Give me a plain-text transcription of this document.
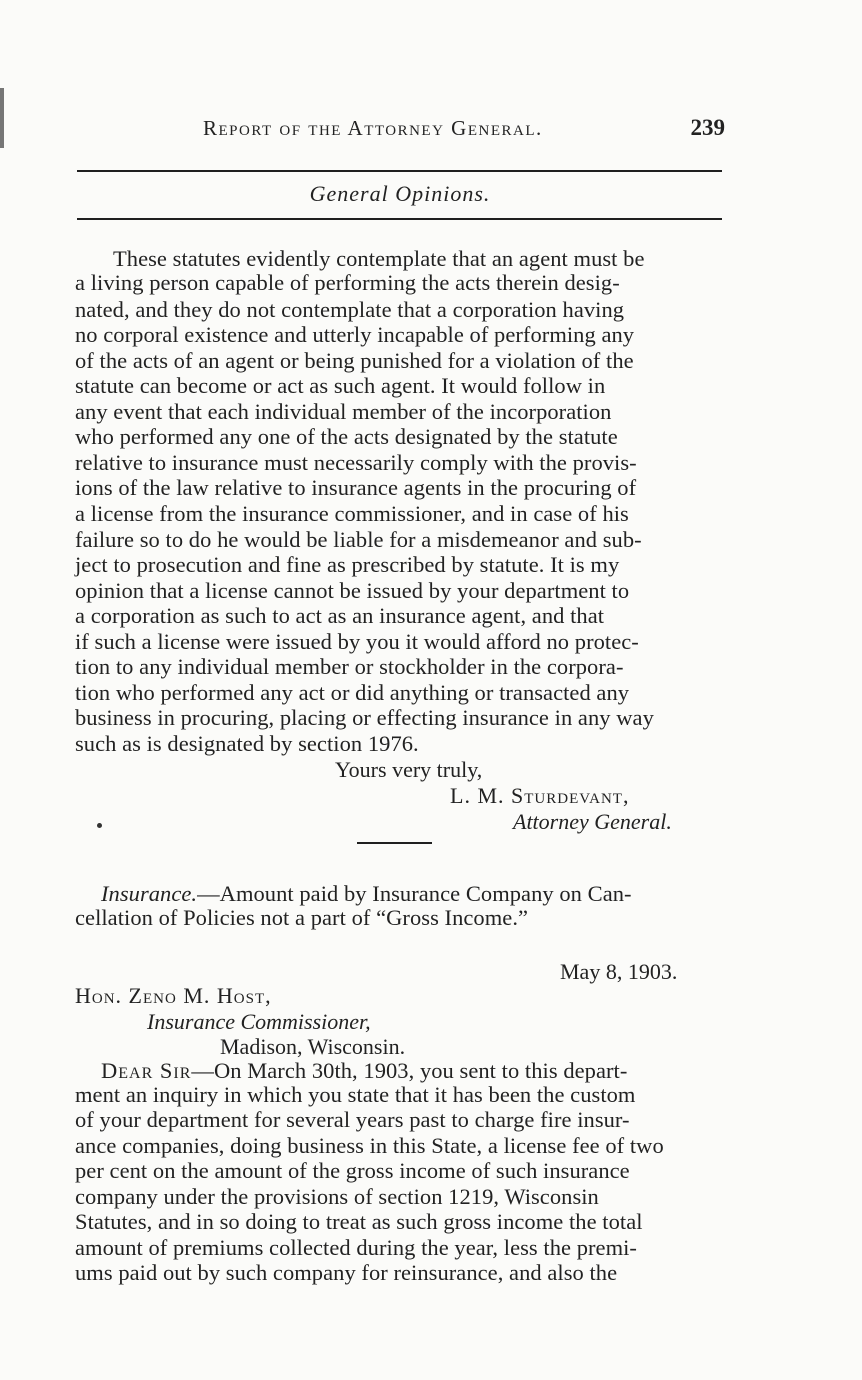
Report of the Attorney General.	239
General Opinions.
These statutes evidently contemplate that an agent must be
a living person capable of performing the acts therein desig-
nated, and they do not contemplate that a corporation having
no corporal existence and utterly incapable of performing any
of the acts of an agent or being punished for a violation of the
statute can become or act as such agent. It would follow in
any event that each individual member of the incorporation
who performed any one of the acts designated by the statute
relative to insurance must necessarily comply with the provis-
ions of the law relative to insurance agents in the procuring of
a license from the insurance commissioner, and in case of his
failure so to do he would be liable for a misdemeanor and sub-
ject to prosecution and fine as prescribed by statute. It is my
opinion that a license cannot be issued by your department to
a corporation as such to act as an insurance agent, and that
if such a license were issued by you it would afford no protec-
tion to any individual member or stockholder in the corpora-
tion who performed any act or did anything or transacted any
business in procuring, placing or effecting insurance in any way
such as is designated by section 1976.
Yours very truly,
L. M. Sturdevant,
Attorney General.
Insurance.—Amount paid by Insurance Company on Can-
cellation of Policies not a part of “Gross Income.”
May 8, 1903.
Hon. Zeno M. Host,
Insurance Commissioner,
Madison, Wisconsin.
Dear Sir—On March 30th, 1903, you sent to this depart-
ment an inquiry in which you state that it has been the custom
of your department for several years past to charge fire insur-
ance companies, doing business in this State, a license fee of two
per cent on the amount of the gross income of such insurance
company under the provisions of section 1219, Wisconsin
Statutes, and in so doing to treat as such gross income the total
amount of premiums collected during the year, less the premi-
ums paid out by such company for reinsurance, and also the
